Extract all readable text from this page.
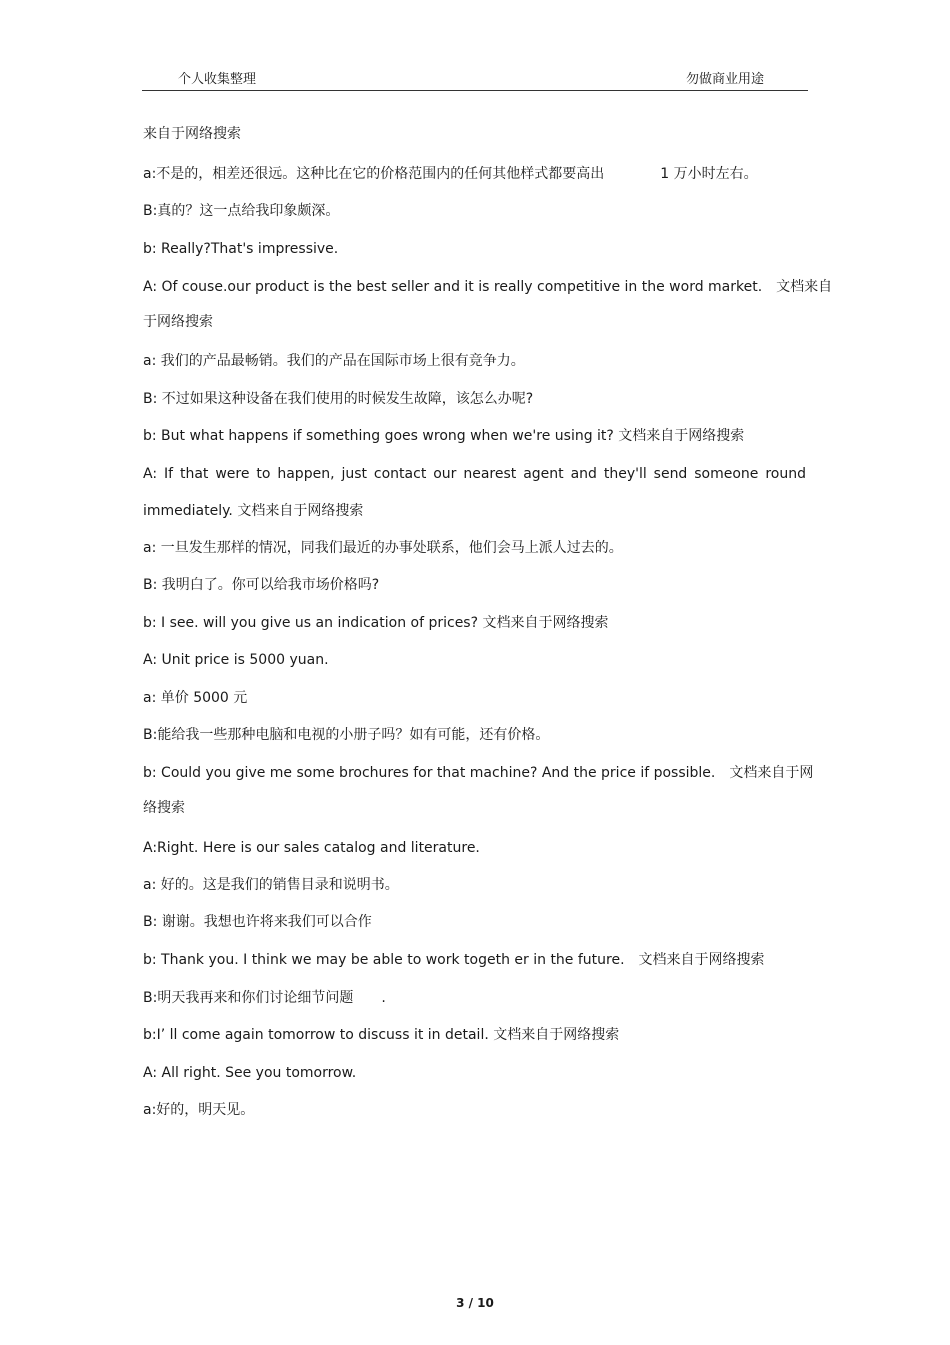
个人收集整理	勿做商业用途
来自于网络搜索
a:不是的，相差还很远。这种比在它的价格范围内的任何其他样式都要高出　　　　1 万小时左右。
B:真的？这一点给我印象颇深。
b: Really?That's impressive.
A: Of couse.our product is the best seller and it is really competitive in the word market.　文档来自
于网络搜索
a: 我们的产品最畅销。我们的产品在国际市场上很有竞争力。
B: 不过如果这种设备在我们使用的时候发生故障，该怎么办呢?
b: But what happens if something goes wrong when we're using it? 文档来自于网络搜索
A: If that were to happen, just contact our nearest agent and they'll send someone round
immediately. 文档来自于网络搜索
a: 一旦发生那样的情况，同我们最近的办事处联系，他们会马上派人过去的。
B: 我明白了。你可以给我市场价格吗?
b: I see. will you give us an indication of prices? 文档来自于网络搜索
A: Unit price is 5000 yuan.
a: 单价 5000 元
B:能给我一些那种电脑和电视的小册子吗？如有可能，还有价格。
b: Could you give me some brochures for that machine? And the price if possible.　文档来自于网
络搜索
A:Right. Here is our sales catalog and literature.
a: 好的。这是我们的销售目录和说明书。
B: 谢谢。我想也许将来我们可以合作
b: Thank you. I think we may be able to work togeth er in the future.　文档来自于网络搜索
B:明天我再来和你们讨论细节问题　　.
b:I’ ll come again tomorrow to discuss it in detail. 文档来自于网络搜索
A: All right. See you tomorrow.
a:好的，明天见。
3 / 10
